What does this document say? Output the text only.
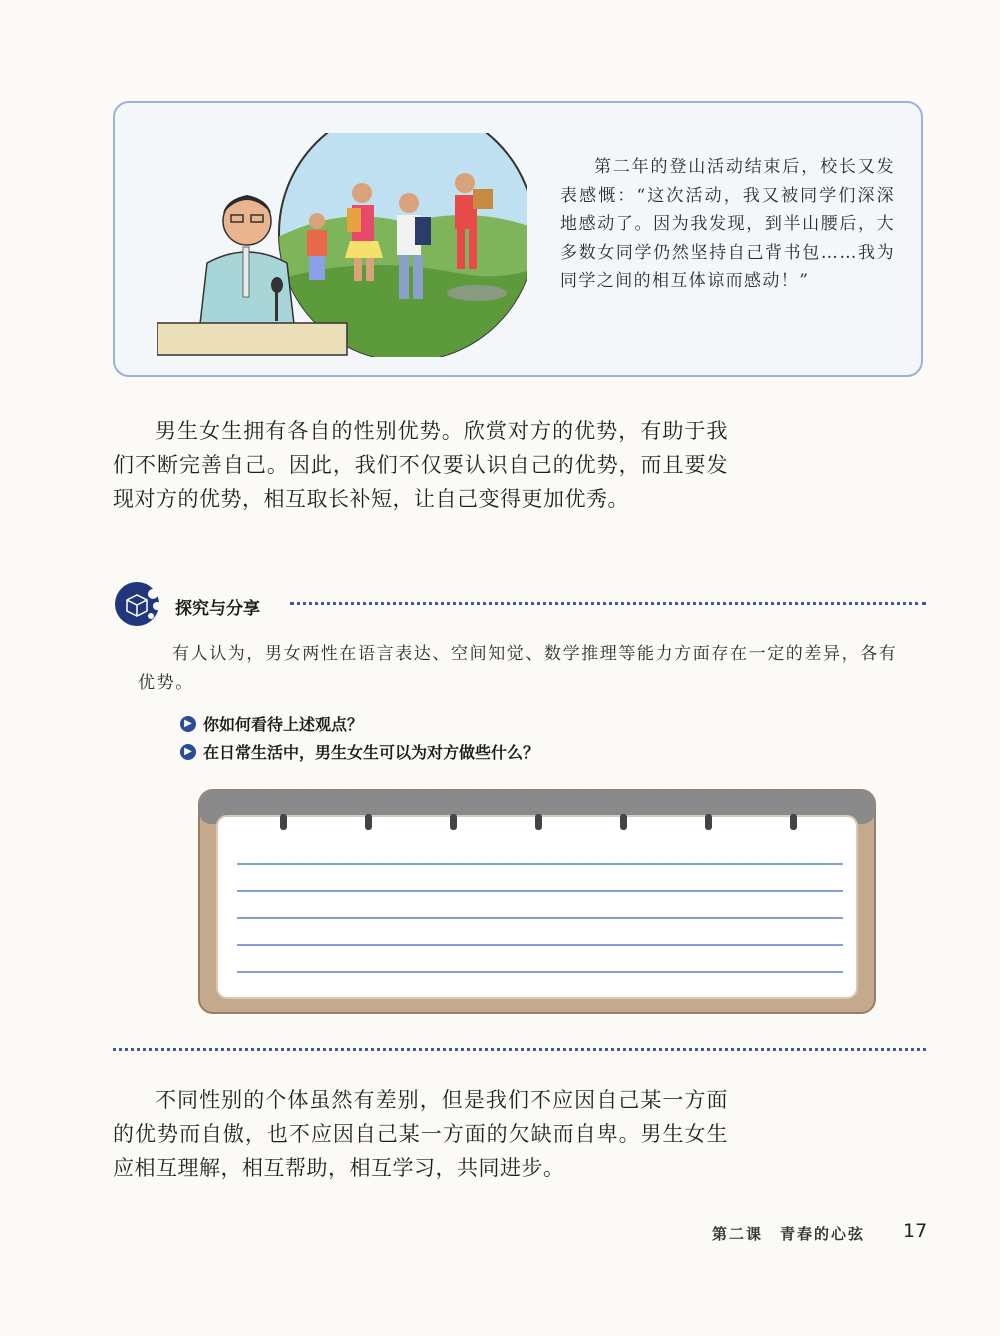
第二年的登山活动结束后，校长又发表感慨：“这次活动，我又被同学们深深地感动了。因为我发现，到半山腰后，大多数女同学仍然坚持自己背书包……我为同学之间的相互体谅而感动！”

男生女生拥有各自的性别优势。欣赏对方的优势，有助于我们不断完善自己。因此，我们不仅要认识自己的优势，而且要发现对方的优势，相互取长补短，让自己变得更加优秀。

探究与分享

有人认为，男女两性在语言表达、空间知觉、数学推理等能力方面存在一定的差异，各有优势。

▶ 你如何看待上述观点？
▶ 在日常生活中，男生女生可以为对方做些什么？

不同性别的个体虽然有差别，但是我们不应因自己某一方面的优势而自傲，也不应因自己某一方面的欠缺而自卑。男生女生应相互理解，相互帮助，相互学习，共同进步。

第二课　青春的心弦 17
